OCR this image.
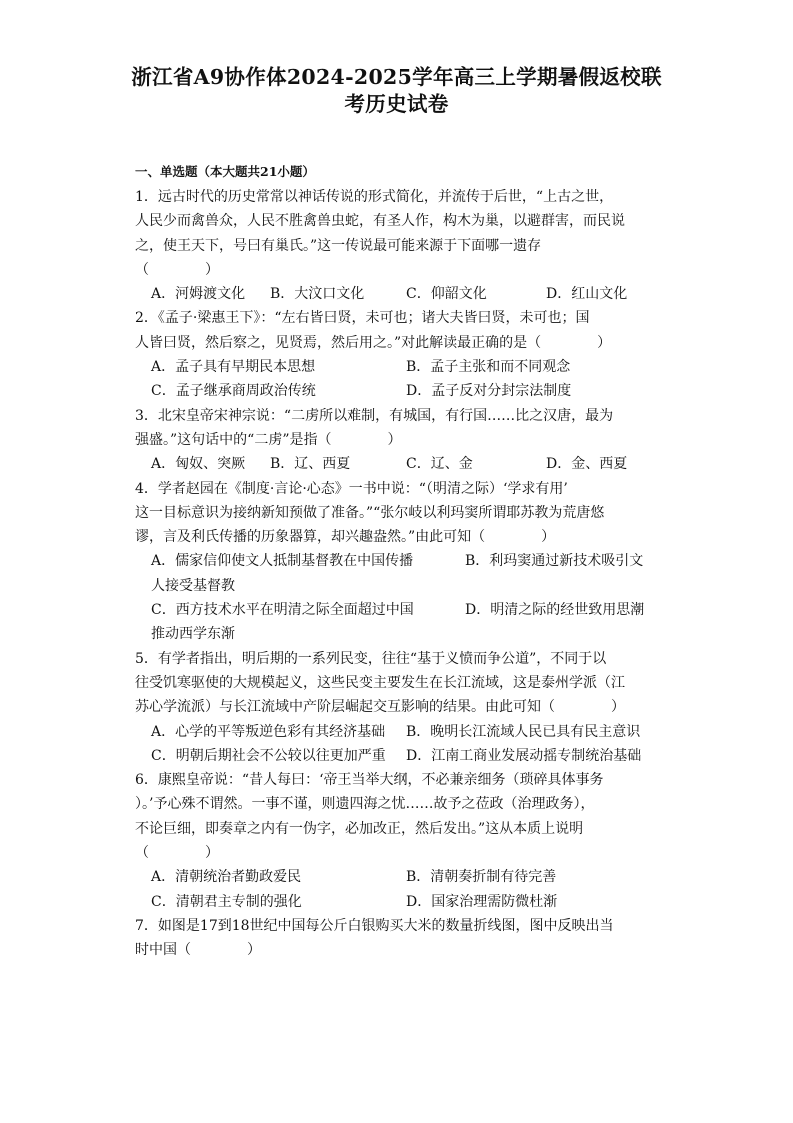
浙江省A9协作体2024-2025学年高三上学期暑假返校联
考历史试卷
一、单选题（本大题共21小题）
1．远古时代的历史常常以神话传说的形式简化，并流传于后世，“上古之世，
人民少而禽兽众，人民不胜禽兽虫蛇，有圣人作，构木为巢，以避群害，而民说
之，使王天下，号曰有巢氏。”这一传说最可能来源于下面哪一遗存
（　　　　）
A．河姆渡文化 B．大汶口文化	C．仰韶文化	D．红山文化
2．《孟子·梁惠王下》：“左右皆曰贤，未可也；诸大夫皆曰贤，未可也；国
人皆曰贤，然后察之，见贤焉，然后用之。”对此解读最正确的是（　　　　）
A．孟子具有早期民本思想	B．孟子主张和而不同观念
C．孟子继承商周政治传统	D．孟子反对分封宗法制度
3．北宋皇帝宋神宗说：“二虏所以难制，有城国，有行国……比之汉唐，最为
强盛。”这句话中的“二虏”是指（　　　　）
A．匈奴、突厥 B．辽、西夏	C．辽、金	D．金、西夏
4．学者赵园在《制度·言论·心态》一书中说：“（明清之际）‘学求有用’
这一目标意识为接纳新知预做了准备。”“张尔岐以利玛窦所谓耶苏教为荒唐悠
谬，言及利氏传播的历象器算，却兴趣盎然。”由此可知（　　　　）
A．儒家信仰使文人抵制基督教在中国传播	B．利玛窦通过新技术吸引文
人接受基督教
C．西方技术水平在明清之际全面超过中国	D．明清之际的经世致用思潮
推动西学东渐
5．有学者指出，明后期的一系列民变，往往“基于义愤而争公道”，不同于以
往受饥寒驱使的大规模起义，这些民变主要发生在长江流域，这是泰州学派（江
苏心学流派）与长江流域中产阶层崛起交互影响的结果。由此可知（　　　　）
A．心学的平等叛逆色彩有其经济基础 B．晚明长江流域人民已具有民主意识
C．明朝后期社会不公较以往更加严重 D．江南工商业发展动摇专制统治基础
6．康熙皇帝说：“昔人每曰：‘帝王当举大纲，不必兼亲细务（琐碎具体事务
）。’予心殊不谓然。一事不谨，则遗四海之忧……故予之莅政（治理政务），
不论巨细，即奏章之内有一伪字，必加改正，然后发出。”这从本质上说明
（　　　　）
A．清朝统治者勤政爱民	B．清朝奏折制有待完善
C．清朝君主专制的强化	D．国家治理需防微杜渐
7．如图是17到18世纪中国每公斤白银购买大米的数量折线图，图中反映出当
时中国（　　　　）
